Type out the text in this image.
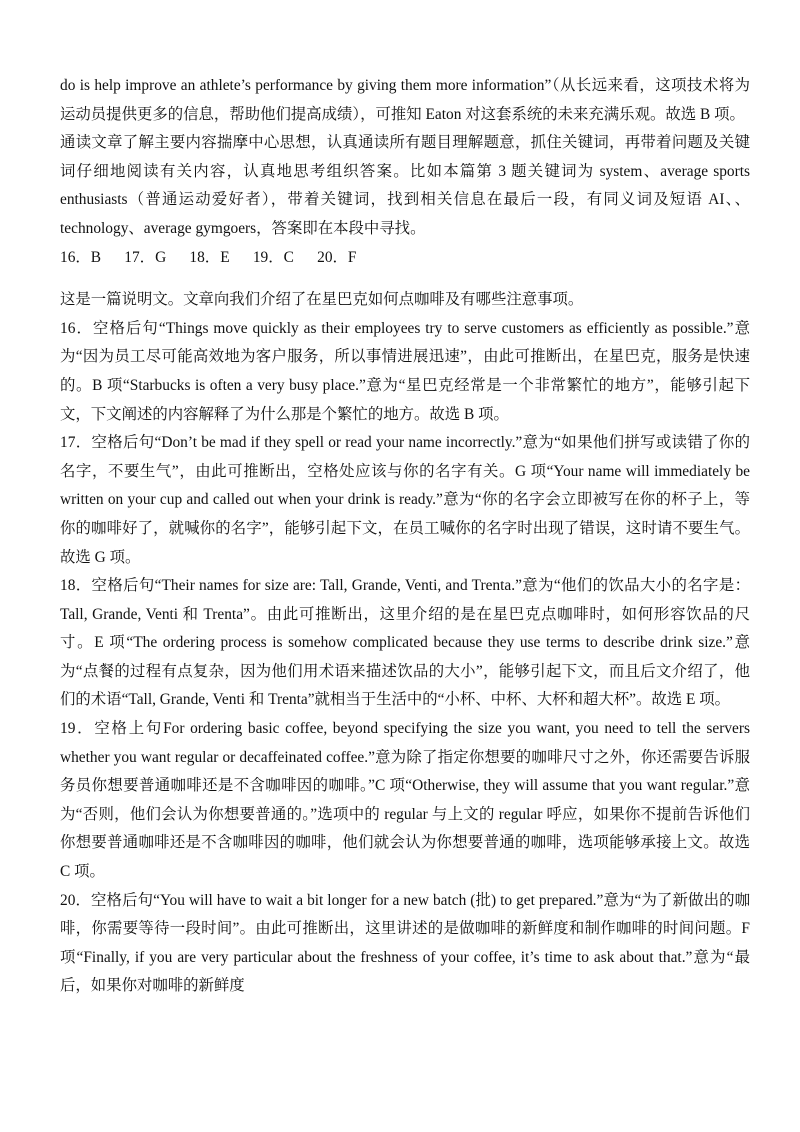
do is help improve an athlete’s performance by giving them more information”（从长远来看，这项技术将为运动员提供更多的信息，帮助他们提高成绩），可推知 Eaton 对这套系统的未来充满乐观。故选 B 项。

通读文章了解主要内容揣摩中心思想，认真通读所有题目理解题意，抓住关键词，再带着问题及关键词仔细地阅读有关内容，认真地思考组织答案。比如本篇第 3 题关键词为 system、average sports enthusiasts（普通运动爱好者），带着关键词，找到相关信息在最后一段，有同义词及短语 AI、、technology、average gymgoers，答案即在本段中寻找。

16．B　 17．G　 18．E　 19．C　 20．F

这是一篇说明文。文章向我们介绍了在星巴克如何点咖啡及有哪些注意事项。

16．空格后句“Things move quickly as their employees try to serve customers as efficiently as possible.”意为“因为员工尽可能高效地为客户服务，所以事情进展迅速”，由此可推断出，在星巴克，服务是快速的。B 项“Starbucks is often a very busy place.”意为“星巴克经常是一个非常繁忙的地方”，能够引起下文，下文阐述的内容解释了为什么那是个繁忙的地方。故选 B 项。

17．空格后句“Don’t be mad if they spell or read your name incorrectly.”意为“如果他们拼写或读错了你的名字，不要生气”，由此可推断出，空格处应该与你的名字有关。G 项“Your name will immediately be written on your cup and called out when your drink is ready.”意为“你的名字会立即被写在你的杯子上，等你的咖啡好了，就喊你的名字”，能够引起下文，在员工喊你的名字时出现了错误，这时请不要生气。故选 G 项。

18．空格后句“Their names for size are: Tall, Grande, Venti, and Trenta.”意为“他们的饮品大小的名字是：Tall, Grande, Venti 和 Trenta”。由此可推断出，这里介绍的是在星巴克点咖啡时，如何形容饮品的尺寸。E 项“The ordering process is somehow complicated because they use terms to describe drink size.”意为“点餐的过程有点复杂，因为他们用术语来描述饮品的大小”，能够引起下文，而且后文介绍了，他们的术语“Tall, Grande, Venti 和 Trenta”就相当于生活中的“小杯、中杯、大杯和超大杯”。故选 E 项。

19．空格上句For ordering basic coffee, beyond specifying the size you want, you need to tell the servers whether you want regular or decaffeinated coffee.”意为除了指定你想要的咖啡尺寸之外，你还需要告诉服务员你想要普通咖啡还是不含咖啡因的咖啡。”C 项“Otherwise, they will assume that you want regular.”意为“否则，他们会认为你想要普通的。”选项中的 regular 与上文的 regular 呼应，如果你不提前告诉他们你想要普通咖啡还是不含咖啡因的咖啡，他们就会认为你想要普通的咖啡，选项能够承接上文。故选 C 项。

20．空格后句“You will have to wait a bit longer for a new batch (批) to get prepared.”意为“为了新做出的咖啡，你需要等待一段时间”。由此可推断出，这里讲述的是做咖啡的新鲜度和制作咖啡的时间问题。F 项“Finally, if you are very particular about the freshness of your coffee, it’s time to ask about that.”意为“最后，如果你对咖啡的新鲜度
